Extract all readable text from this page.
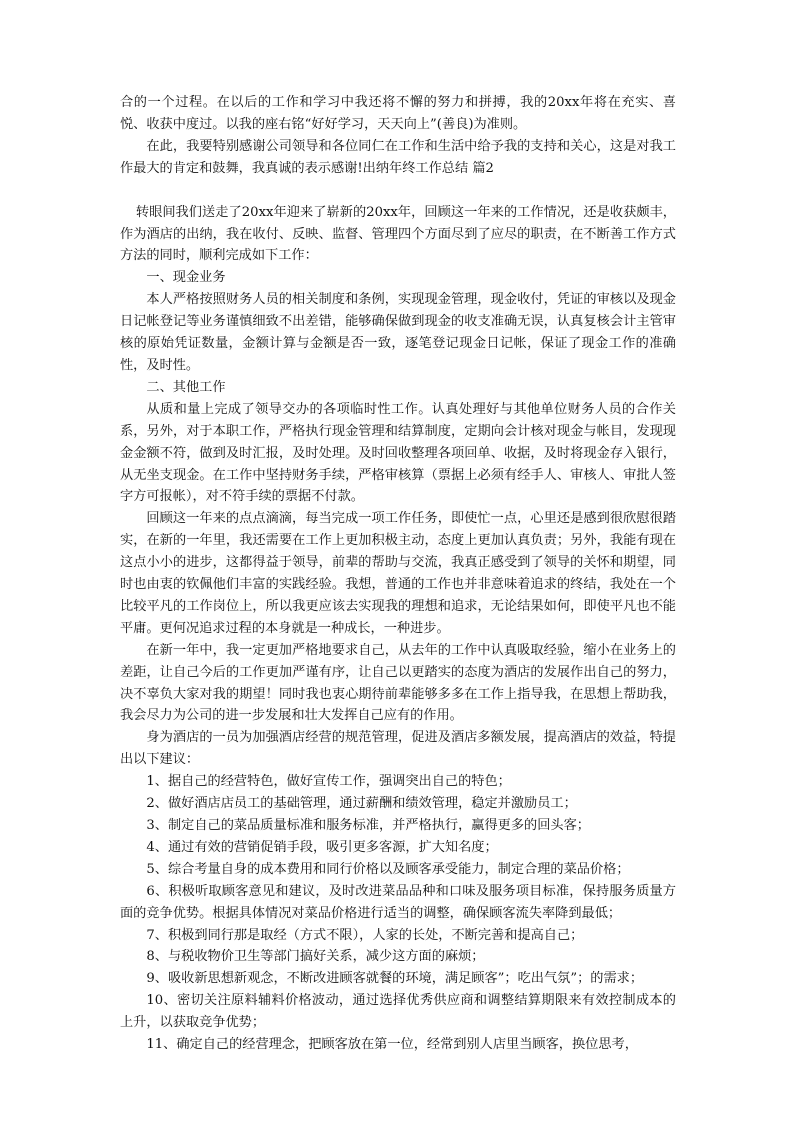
合的一个过程。在以后的工作和学习中我还将不懈的努力和拼搏，我的20xx年将在充实、喜悦、收获中度过。以我的座右铭“好好学习，天天向上”(善良)为准则。

在此，我要特别感谢公司领导和各位同仁在工作和生活中给予我的支持和关心，这是对我工作最大的肯定和鼓舞，我真诚的表示感谢!出纳年终工作总结 篇2

转眼间我们送走了20xx年迎来了崭新的20xx年，回顾这一年来的工作情况，还是收获颇丰，作为酒店的出纳，我在收付、反映、监督、管理四个方面尽到了应尽的职责，在不断善工作方式方法的同时，顺利完成如下工作：

一、现金业务

本人严格按照财务人员的相关制度和条例，实现现金管理，现金收付，凭证的审核以及现金日记帐登记等业务谨慎细致不出差错，能够确保做到现金的收支准确无误，认真复核会计主管审核的原始凭证数量，金额计算与金额是否一致，逐笔登记现金日记帐，保证了现金工作的准确性，及时性。

二、其他工作

从质和量上完成了领导交办的各项临时性工作。认真处理好与其他单位财务人员的合作关系，另外，对于本职工作，严格执行现金管理和结算制度，定期向会计核对现金与帐目，发现现金金额不符，做到及时汇报，及时处理。及时回收整理各项回单、收据，及时将现金存入银行，从无坐支现金。在工作中坚持财务手续，严格审核算（票据上必须有经手人、审核人、审批人签字方可报帐），对不符手续的票据不付款。

回顾这一年来的点点滴滴，每当完成一项工作任务，即使忙一点，心里还是感到很欣慰很踏实，在新的一年里，我还需要在工作上更加积极主动，态度上更加认真负责；另外，我能有现在这点小小的进步，这都得益于领导，前辈的帮助与交流，我真正感受到了领导的关怀和期望，同时也由衷的钦佩他们丰富的实践经验。我想，普通的工作也并非意味着追求的终结，我处在一个比较平凡的工作岗位上，所以我更应该去实现我的理想和追求，无论结果如何，即使平凡也不能平庸。更何况追求过程的本身就是一种成长，一种进步。

在新一年中，我一定更加严格地要求自己，从去年的工作中认真吸取经验，缩小在业务上的差距，让自己今后的工作更加严谨有序，让自己以更踏实的态度为酒店的发展作出自己的努力，决不辜负大家对我的期望！同时我也衷心期待前辈能够多多在工作上指导我，在思想上帮助我，我会尽力为公司的进一步发展和壮大发挥自己应有的作用。

身为酒店的一员为加强酒店经营的规范管理，促进及酒店多额发展，提高酒店的效益，特提出以下建议：

1、据自己的经营特色，做好宣传工作，强调突出自己的特色；

2、做好酒店店员工的基础管理，通过薪酬和绩效管理，稳定并激励员工；

3、制定自己的菜品质量标准和服务标准，并严格执行，赢得更多的回头客；

4、通过有效的营销促销手段，吸引更多客源，扩大知名度；

5、综合考量自身的成本费用和同行价格以及顾客承受能力，制定合理的菜品价格；

6、积极听取顾客意见和建议，及时改进菜品品种和口味及服务项目标准，保持服务质量方面的竞争优势。根据具体情况对菜品价格进行适当的调整，确保顾客流失率降到最低；

7、积极到同行那是取经（方式不限），人家的长处，不断完善和提高自己；

8、与税收物价卫生等部门搞好关系，减少这方面的麻烦；

9、吸收新思想新观念，不断改进顾客就餐的环境，满足顾客”；吃出气氛”；的需求；

10、密切关注原料辅料价格波动，通过选择优秀供应商和调整结算期限来有效控制成本的上升，以获取竞争优势；

11、确定自己的经营理念，把顾客放在第一位，经常到别人店里当顾客，换位思考，
